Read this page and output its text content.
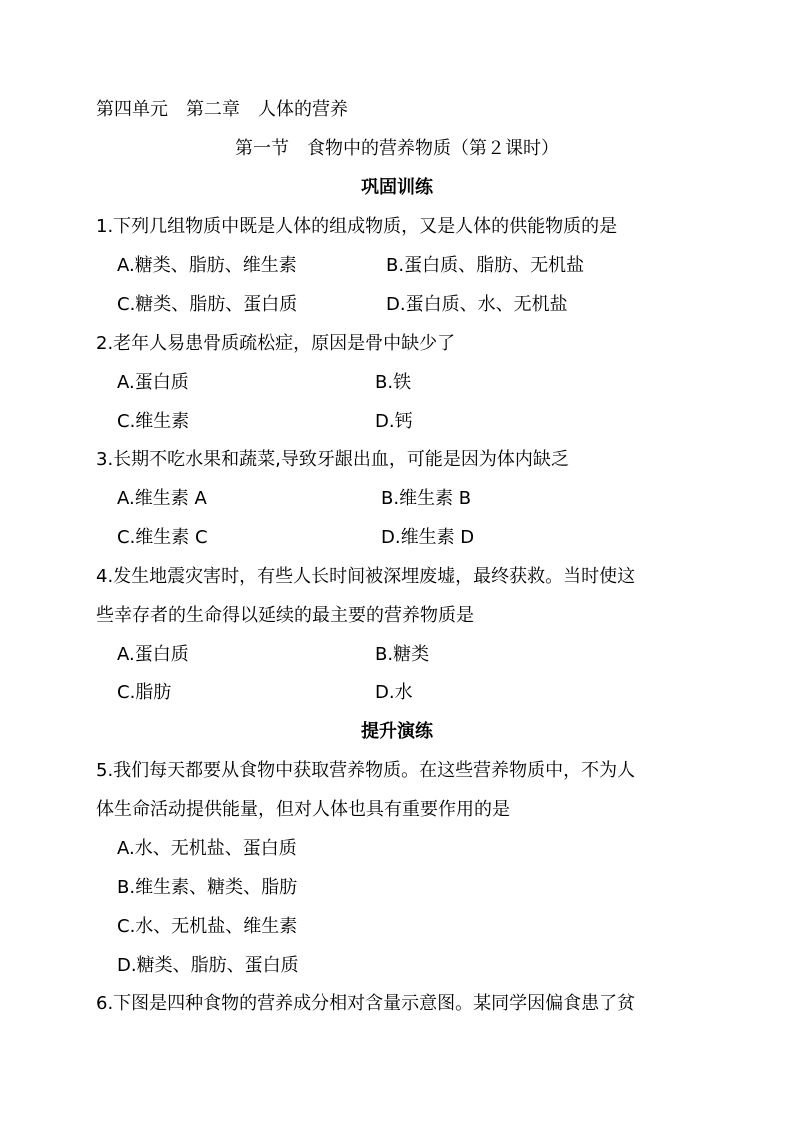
第四单元　第二章　人体的营养
第一节　食物中的营养物质（第２课时）
巩固训练
1.下列几组物质中既是人体的组成物质，又是人体的供能物质的是
A.糖类、脂肪、维生素	B.蛋白质、脂肪、无机盐
C.糖类、脂肪、蛋白质	D.蛋白质、水、无机盐
2.老年人易患骨质疏松症，原因是骨中缺少了
A.蛋白质	B.铁
C.维生素	D.钙
3.长期不吃水果和蔬菜,导致牙龈出血，可能是因为体内缺乏
A.维生素 A	B.维生素 B
C.维生素 C	D.维生素 D
4.发生地震灾害时，有些人长时间被深埋废墟，最终获救。当时使这
些幸存者的生命得以延续的最主要的营养物质是
A.蛋白质	B.糖类
C.脂肪	D.水
提升演练
5.我们每天都要从食物中获取营养物质。在这些营养物质中，不为人
体生命活动提供能量，但对人体也具有重要作用的是
A.水、无机盐、蛋白质
B.维生素、糖类、脂肪
C.水、无机盐、维生素
D.糖类、脂肪、蛋白质
6.下图是四种食物的营养成分相对含量示意图。某同学因偏食患了贫
